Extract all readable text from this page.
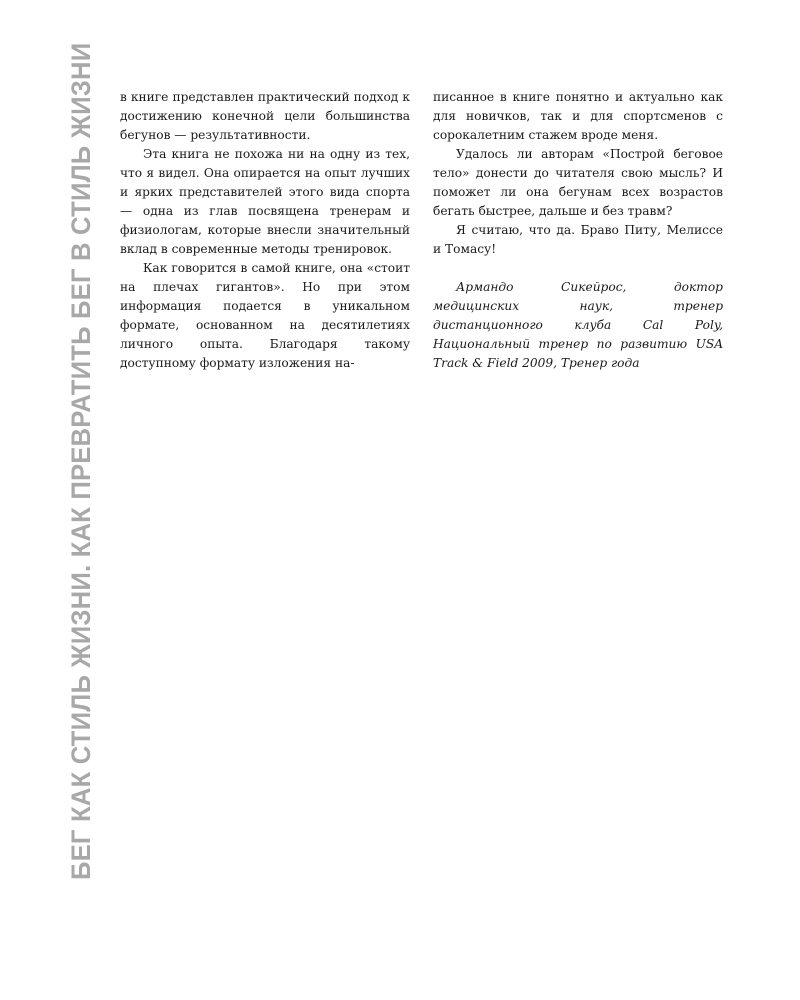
БЕГ КАК СТИЛЬ ЖИЗНИ. КАК ПРЕВРАТИТЬ БЕГ В СТИЛЬ ЖИЗНИ в книге представлен практический подход к достижению конечной цели большинства бегунов — результативности.

Эта книга не похожа ни на одну из тех, что я видел. Она опирается на опыт лучших и ярких представителей этого вида спорта — одна из глав посвящена тренерам и физиологам, которые внесли значительный вклад в современные методы тренировок.

Как говорится в самой книге, она «стоит на плечах гигантов». Но при этом информация подается в уникальном формате, основанном на десятилетиях личного опыта. Благодаря такому доступному формату изложения на-

писанное в книге понятно и актуально как для новичков, так и для спортсменов с сорокалетним стажем вроде меня.

Удалось ли авторам «Построй беговое тело» донести до читателя свою мысль? И поможет ли она бегунам всех возрастов бегать быстрее, дальше и без травм?

Я считаю, что да. Браво Питу, Мелиссе и Томасу!

Армандо Сикейрос, доктор медицинских наук, тренер дистанционного клуба Cal Poly, Национальный тренер по развитию USA Track & Field 2009, Тренер года
